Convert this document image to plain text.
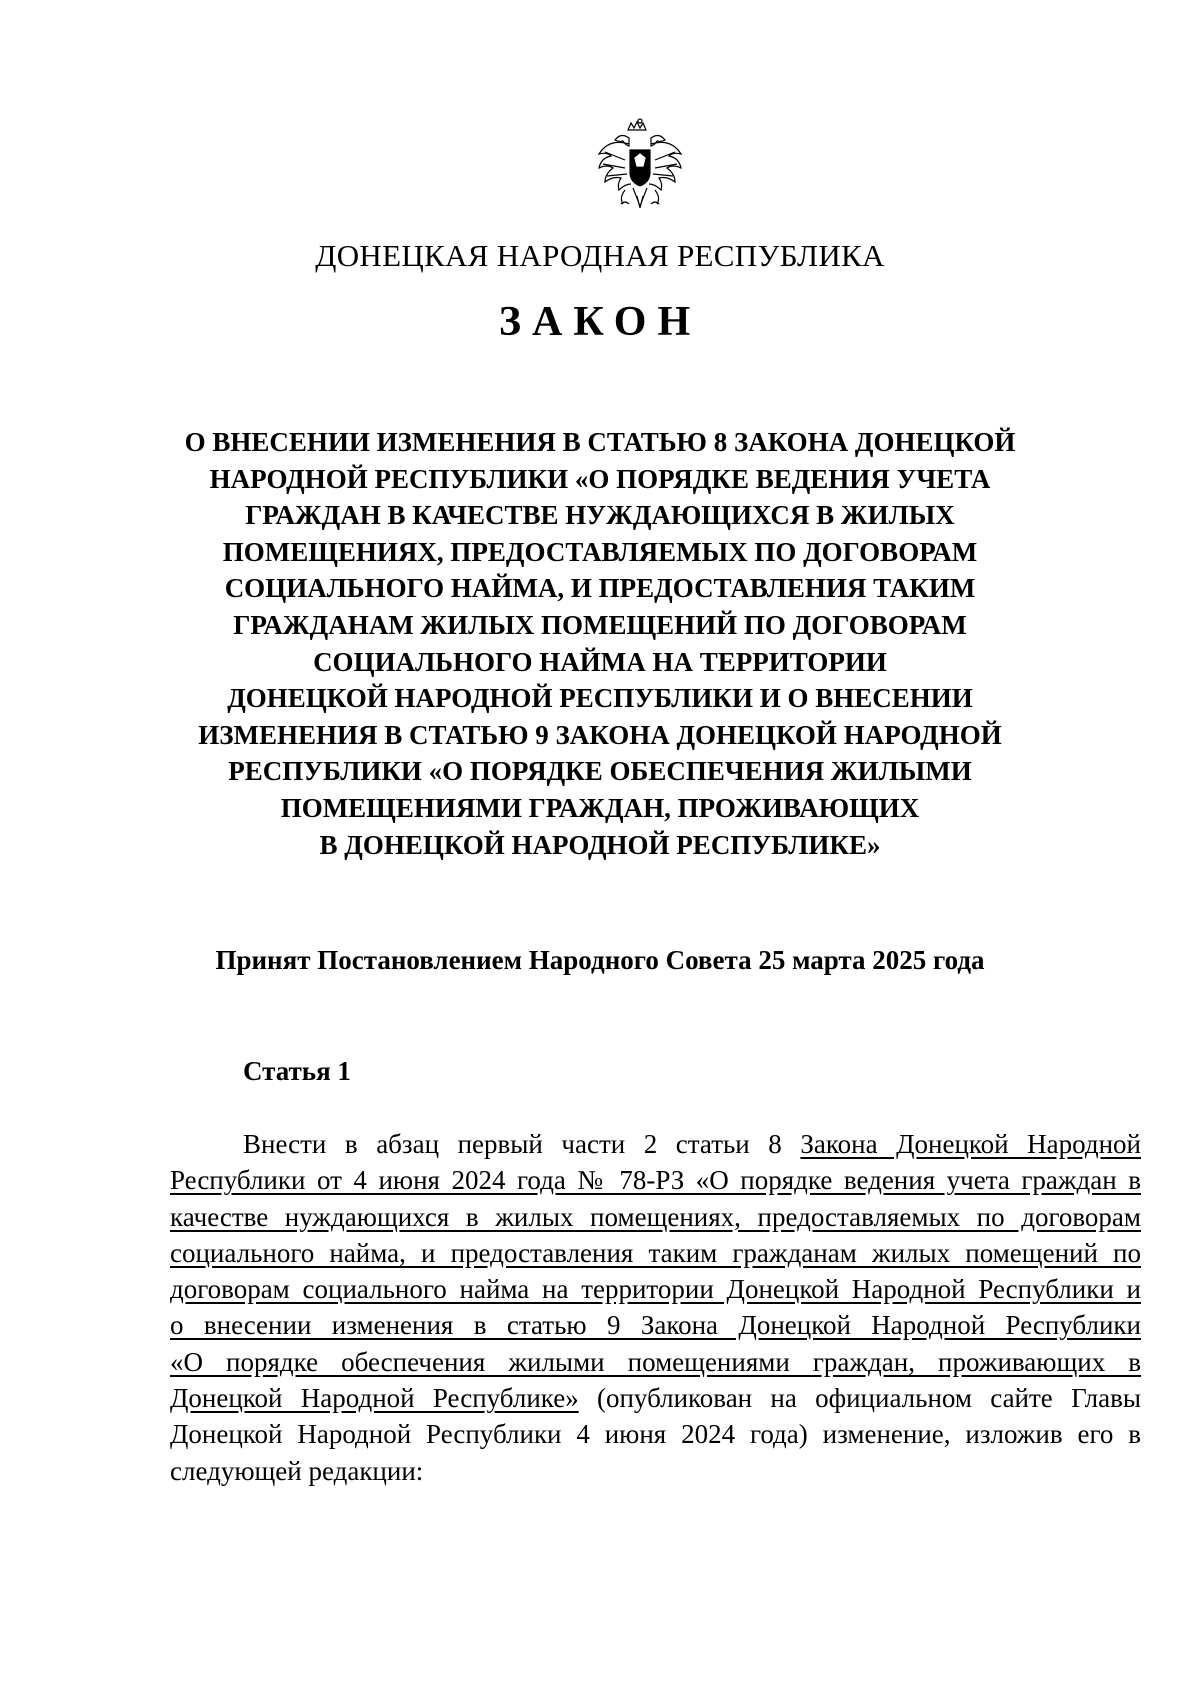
ДОНЕЦКАЯ НАРОДНАЯ РЕСПУБЛИКА
ЗАКОН
О ВНЕСЕНИИ ИЗМЕНЕНИЯ В СТАТЬЮ 8 ЗАКОНА ДОНЕЦКОЙ
НАРОДНОЙ РЕСПУБЛИКИ «О ПОРЯДКЕ ВЕДЕНИЯ УЧЕТА
ГРАЖДАН В КАЧЕСТВЕ НУЖДАЮЩИХСЯ В ЖИЛЫХ
ПОМЕЩЕНИЯХ, ПРЕДОСТАВЛЯЕМЫХ ПО ДОГОВОРАМ
СОЦИАЛЬНОГО НАЙМА, И ПРЕДОСТАВЛЕНИЯ ТАКИМ
ГРАЖДАНАМ ЖИЛЫХ ПОМЕЩЕНИЙ ПО ДОГОВОРАМ
СОЦИАЛЬНОГО НАЙМА НА ТЕРРИТОРИИ
ДОНЕЦКОЙ НАРОДНОЙ РЕСПУБЛИКИ И О ВНЕСЕНИИ
ИЗМЕНЕНИЯ В СТАТЬЮ 9 ЗАКОНА ДОНЕЦКОЙ НАРОДНОЙ
РЕСПУБЛИКИ «О ПОРЯДКЕ ОБЕСПЕЧЕНИЯ ЖИЛЫМИ
ПОМЕЩЕНИЯМИ ГРАЖДАН, ПРОЖИВАЮЩИХ
В ДОНЕЦКОЙ НАРОДНОЙ РЕСПУБЛИКЕ»
Принят Постановлением Народного Совета 25 марта 2025 года
Статья 1
Внести в абзац первый части 2 статьи 8 Закона Донецкой Народной
Республики от 4 июня 2024 года № 78-РЗ «О порядке ведения учета граждан в
качестве нуждающихся в жилых помещениях, предоставляемых по договорам
социального найма, и предоставления таким гражданам жилых помещений по
договорам социального найма на территории Донецкой Народной Республики и
о внесении изменения в статью 9 Закона Донецкой Народной Республики
«О порядке обеспечения жилыми помещениями граждан, проживающих в
Донецкой Народной Республике» (опубликован на официальном сайте Главы
Донецкой Народной Республики 4 июня 2024 года) изменение, изложив его в
следующей редакции:
